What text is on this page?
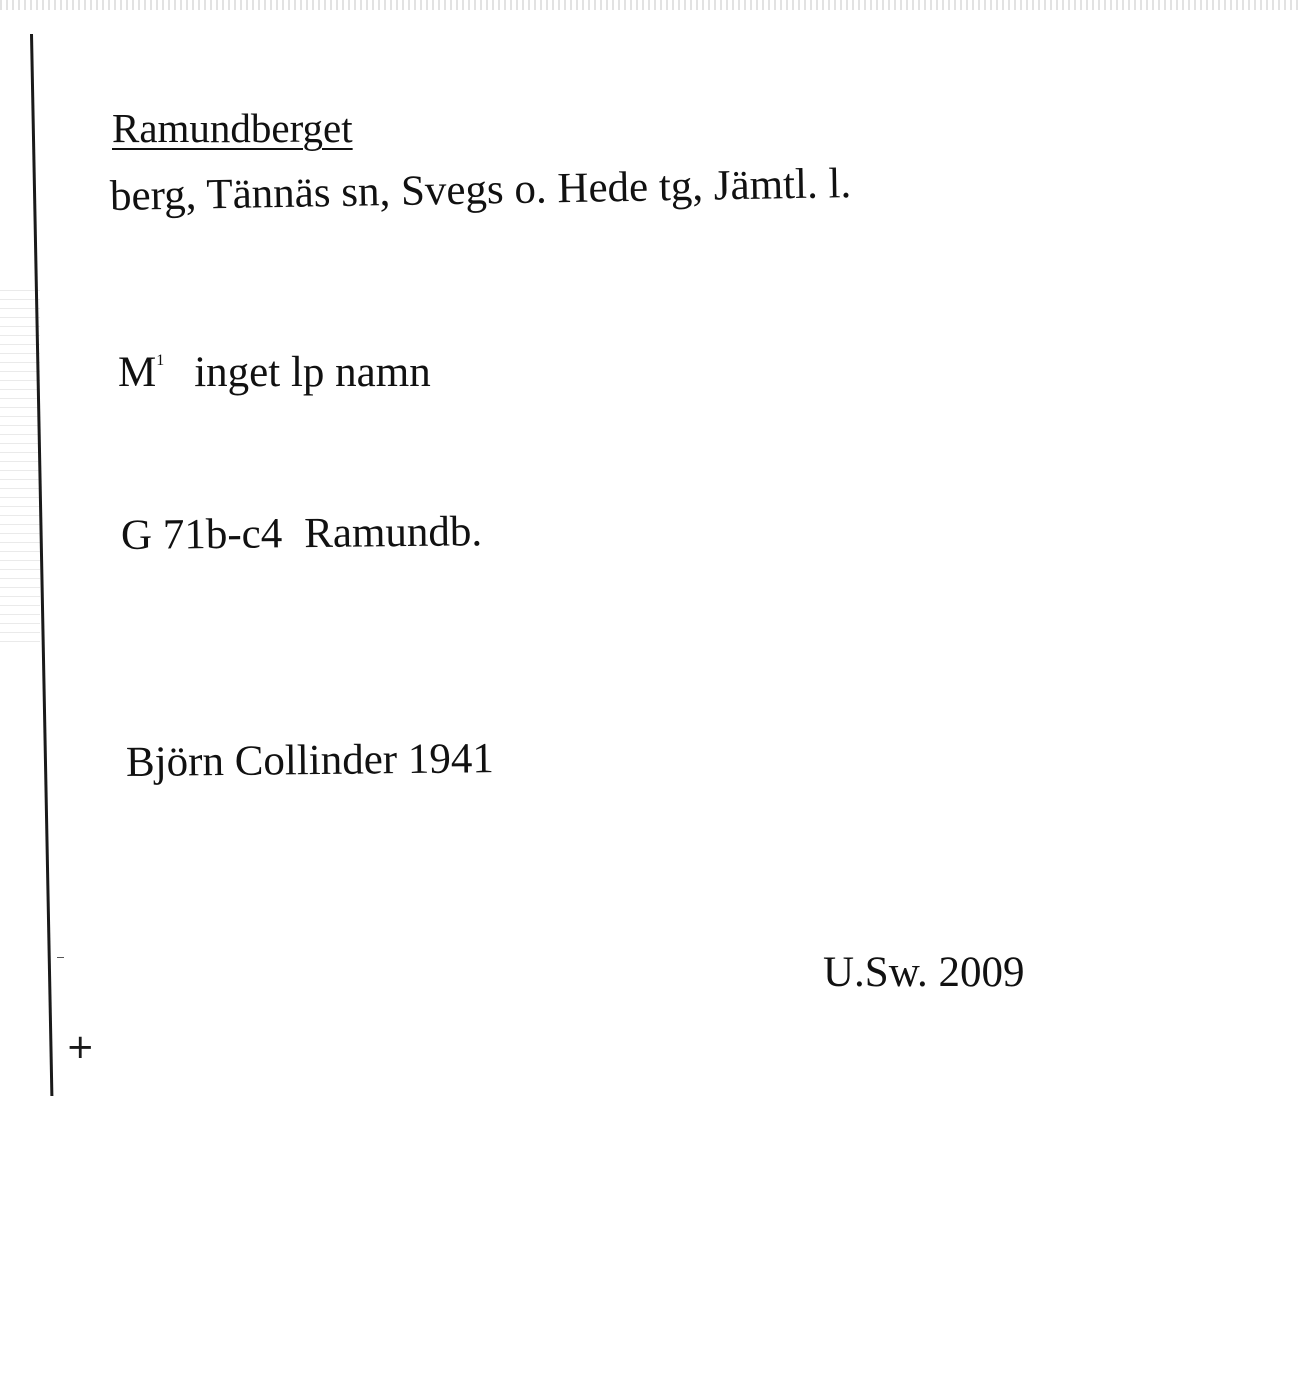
Ramundberget
berg, Tännäs sn, Svegs o. Hede tg, Jämtl. l.
$M^1$ inget lp namn
G 71b-c4 Ramundb.
Björn Collinder 1941
U.Sw. 2009
+
